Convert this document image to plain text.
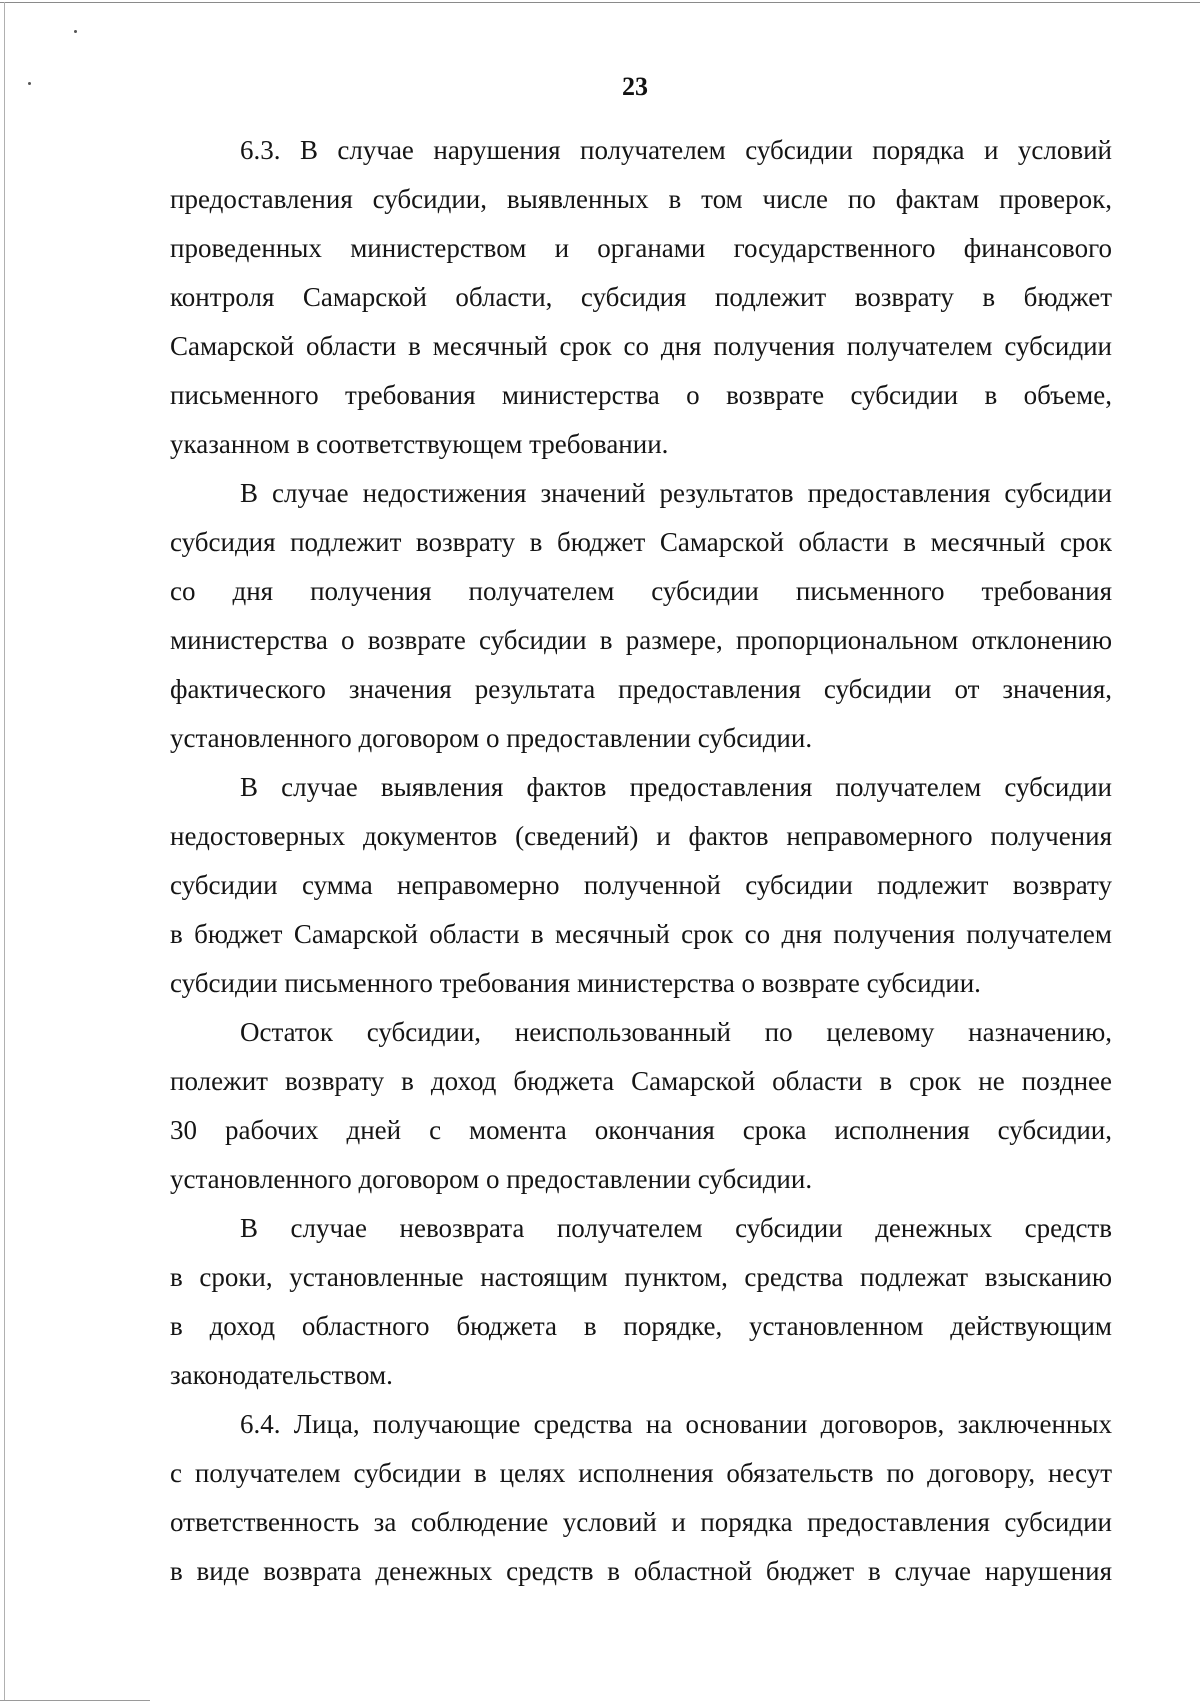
23
6.3. В случае нарушения получателем субсидии порядка и условий
предоставления субсидии, выявленных в том числе по фактам проверок,
проведенных министерством и органами государственного финансового
контроля Самарской области, субсидия подлежит возврату в бюджет
Самарской области в месячный срок со дня получения получателем субсидии
письменного требования министерства о возврате субсидии в объеме,
указанном в соответствующем требовании.
В случае недостижения значений результатов предоставления субсидии
субсидия подлежит возврату в бюджет Самарской области в месячный срок
со дня получения получателем субсидии письменного требования
министерства о возврате субсидии в размере, пропорциональном отклонению
фактического значения результата предоставления субсидии от значения,
установленного договором о предоставлении субсидии.
В случае выявления фактов предоставления получателем субсидии
недостоверных документов (сведений) и фактов неправомерного получения
субсидии сумма неправомерно полученной субсидии подлежит возврату
в бюджет Самарской области в месячный срок со дня получения получателем
субсидии письменного требования министерства о возврате субсидии.
Остаток субсидии, неиспользованный по целевому назначению,
полежит возврату в доход бюджета Самарской области в срок не позднее
30 рабочих дней с момента окончания срока исполнения субсидии,
установленного договором о предоставлении субсидии.
В случае невозврата получателем субсидии денежных средств
в сроки, установленные настоящим пунктом, средства подлежат взысканию
в доход областного бюджета в порядке, установленном действующим
законодательством.
6.4. Лица, получающие средства на основании договоров, заключенных
с получателем субсидии в целях исполнения обязательств по договору, несут
ответственность за соблюдение условий и порядка предоставления субсидии
в виде возврата денежных средств в областной бюджет в случае нарушения
